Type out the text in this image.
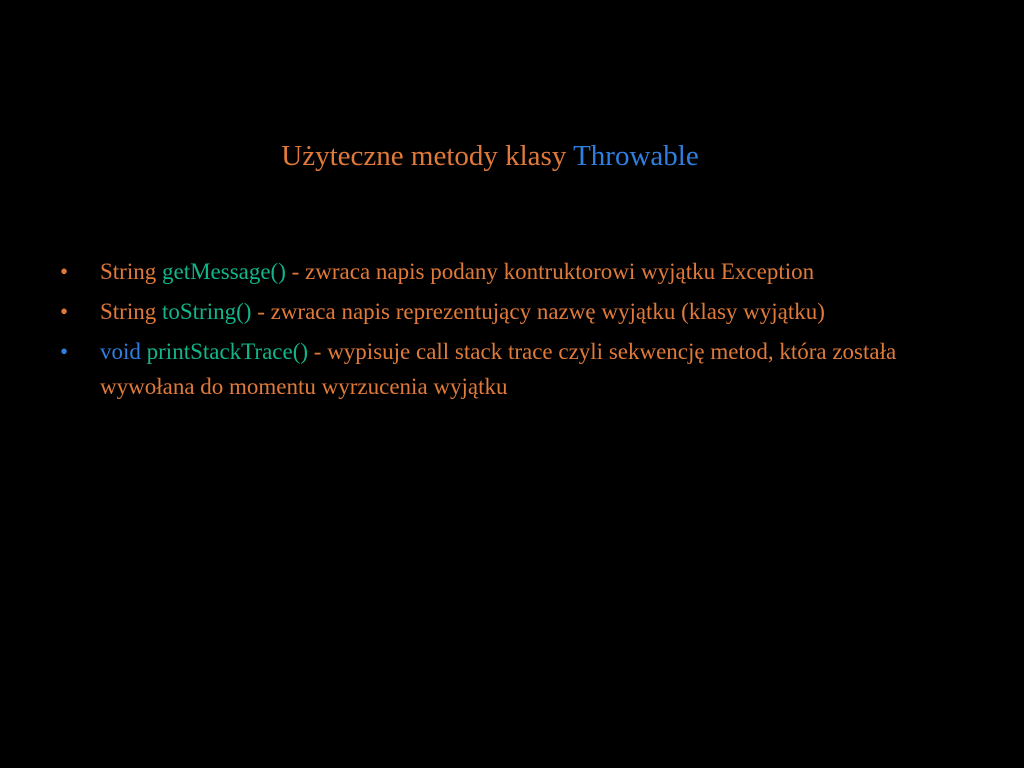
Użyteczne metody klasy Throwable
• String getMessage() - zwraca napis podany kontruktorowi wyjątku Exception
• String toString() - zwraca napis reprezentujący nazwę wyjątku (klasy wyjątku)
• void printStackTrace() - wypisuje call stack trace czyli sekwencję metod, która została wywołana do momentu wyrzucenia wyjątku
